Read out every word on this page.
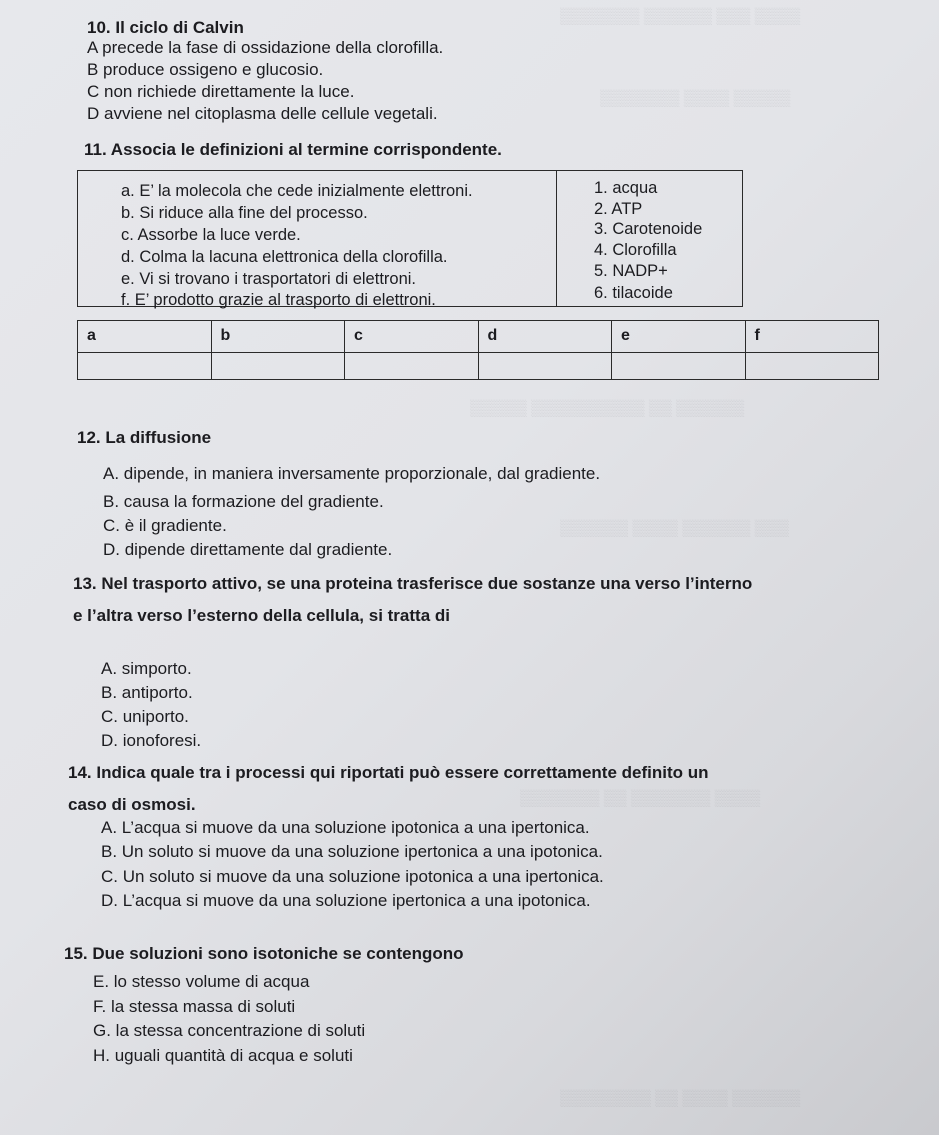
▒▒▒▒ ▒▒▒ ▒▒▒▒▒▒ ▒▒▒▒▒▒▒
▒▒▒▒▒ ▒▒▒▒ ▒▒▒▒▒▒▒
▒▒▒▒▒▒ ▒▒ ▒▒▒▒▒▒▒▒▒▒ ▒▒▒▒▒
▒▒▒ ▒▒▒▒▒▒ ▒▒▒▒ ▒▒▒▒▒▒
▒▒▒▒ ▒▒▒▒▒▒▒ ▒▒ ▒▒▒▒▒▒▒
▒▒▒▒▒▒ ▒▒▒▒ ▒▒ ▒▒▒▒▒▒▒▒
10. Il ciclo di Calvin
A precede la fase di ossidazione della clorofilla.
B produce ossigeno e glucosio.
C non richiede direttamente la luce.
D avviene nel citoplasma delle cellule vegetali.
11. Associa le definizioni al termine corrispondente.
a. E’ la molecola che cede inizialmente elettroni.
b. Si riduce alla fine del processo.
c. Assorbe la luce verde.
d. Colma la lacuna elettronica della clorofilla.
e. Vi si trovano i trasportatori di elettroni.
f. E’ prodotto grazie al trasporto di elettroni.
1. acqua
2. ATP
3. Carotenoide
4. Clorofilla
5. NADP+
6. tilacoide
a	b	c	d	e	f

12. La diffusione
A. dipende, in maniera inversamente proporzionale, dal gradiente.
B. causa la formazione del gradiente.
C. è il gradiente.
D. dipende direttamente dal gradiente.
13. Nel trasporto attivo, se una proteina trasferisce due sostanze una verso l’interno
e l’altra verso l’esterno della cellula, si tratta di
A. simporto.
B. antiporto.
C. uniporto.
D. ionoforesi.
14. Indica quale tra i processi qui riportati può essere correttamente definito un
caso di osmosi.
A. L’acqua si muove da una soluzione ipotonica a una ipertonica.
B. Un soluto si muove da una soluzione ipertonica a una ipotonica.
C. Un soluto si muove da una soluzione ipotonica a una ipertonica.
D. L’acqua si muove da una soluzione ipertonica a una ipotonica.
15. Due soluzioni sono isotoniche se contengono
E. lo stesso volume di acqua
F. la stessa massa di soluti
G. la stessa concentrazione di soluti
H. uguali quantità di acqua e soluti
